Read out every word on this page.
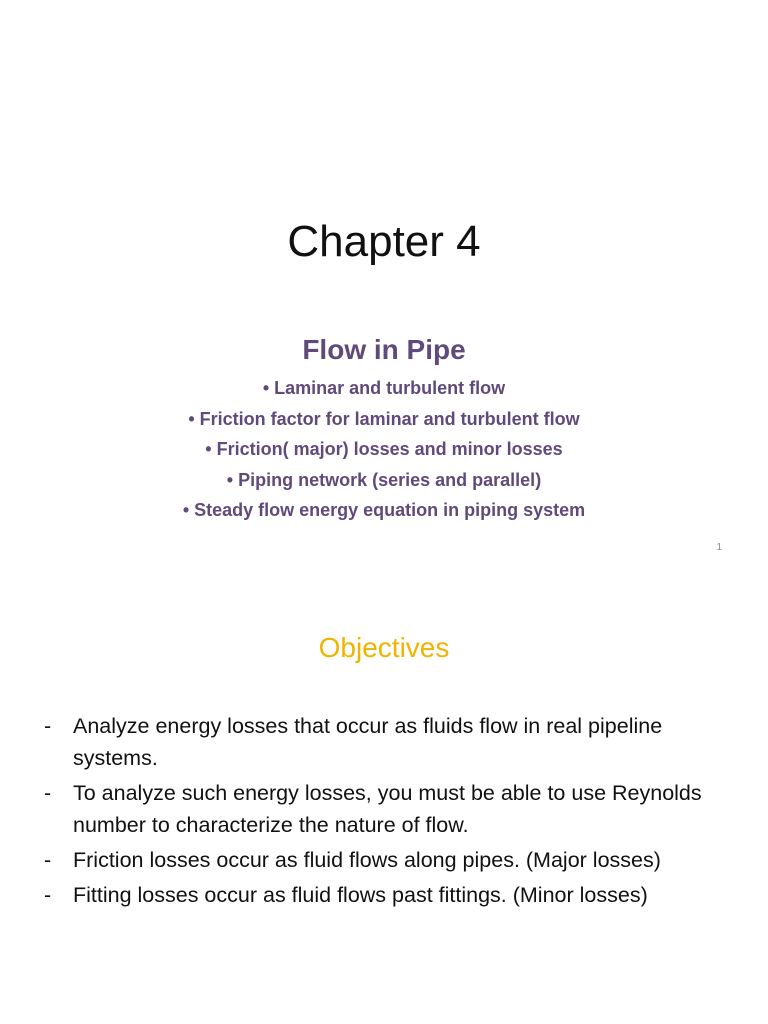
Chapter 4
Flow in Pipe
• Laminar and turbulent flow
• Friction factor for laminar and turbulent flow
• Friction( major) losses and minor losses
• Piping network (series and parallel)
• Steady flow energy equation in piping system
1
Objectives
- Analyze energy losses that occur as fluids flow in real pipeline systems.
- To analyze such energy losses, you must be able to use Reynolds number to characterize the nature of flow.
- Friction losses occur as fluid flows along pipes. (Major losses)
- Fitting losses occur as fluid flows past fittings. (Minor losses)
